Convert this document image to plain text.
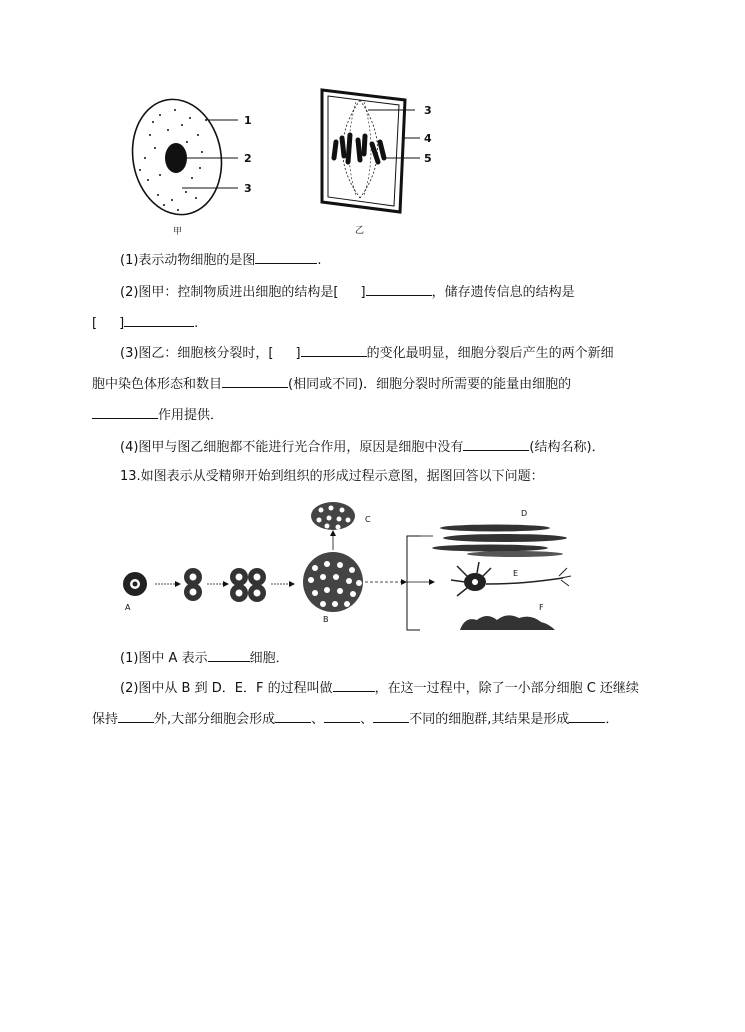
1
2
3
甲
3
4
5
乙
(1)表示动物细胞的是图	.
(2)图甲：控制物质进出细胞的结构是[ ]	，储存遗传信息的结构是
[ ]	.
(3)图乙：细胞核分裂时，[ ]	的变化最明显，细胞分裂后产生的两个新细
胞中染色体形态和数目	(相同或不同)．细胞分裂时所需要的能量由细胞的
作用提供．
(4)图甲与图乙细胞都不能进行光合作用，原因是细胞中没有	(结构名称)．
13.如图表示从受精卵开始到组织的形成过程示意图，据图回答以下问题：
A
B
C
D
E
F
(1)图中 A 表示	细胞．
(2)图中从 B 到 D．E．F 的过程叫做	，在这一过程中，除了一小部分细胞 C 还继续
保持	外,大部分细胞会形成	、	、	不同的细胞群,其结果是形成	．
